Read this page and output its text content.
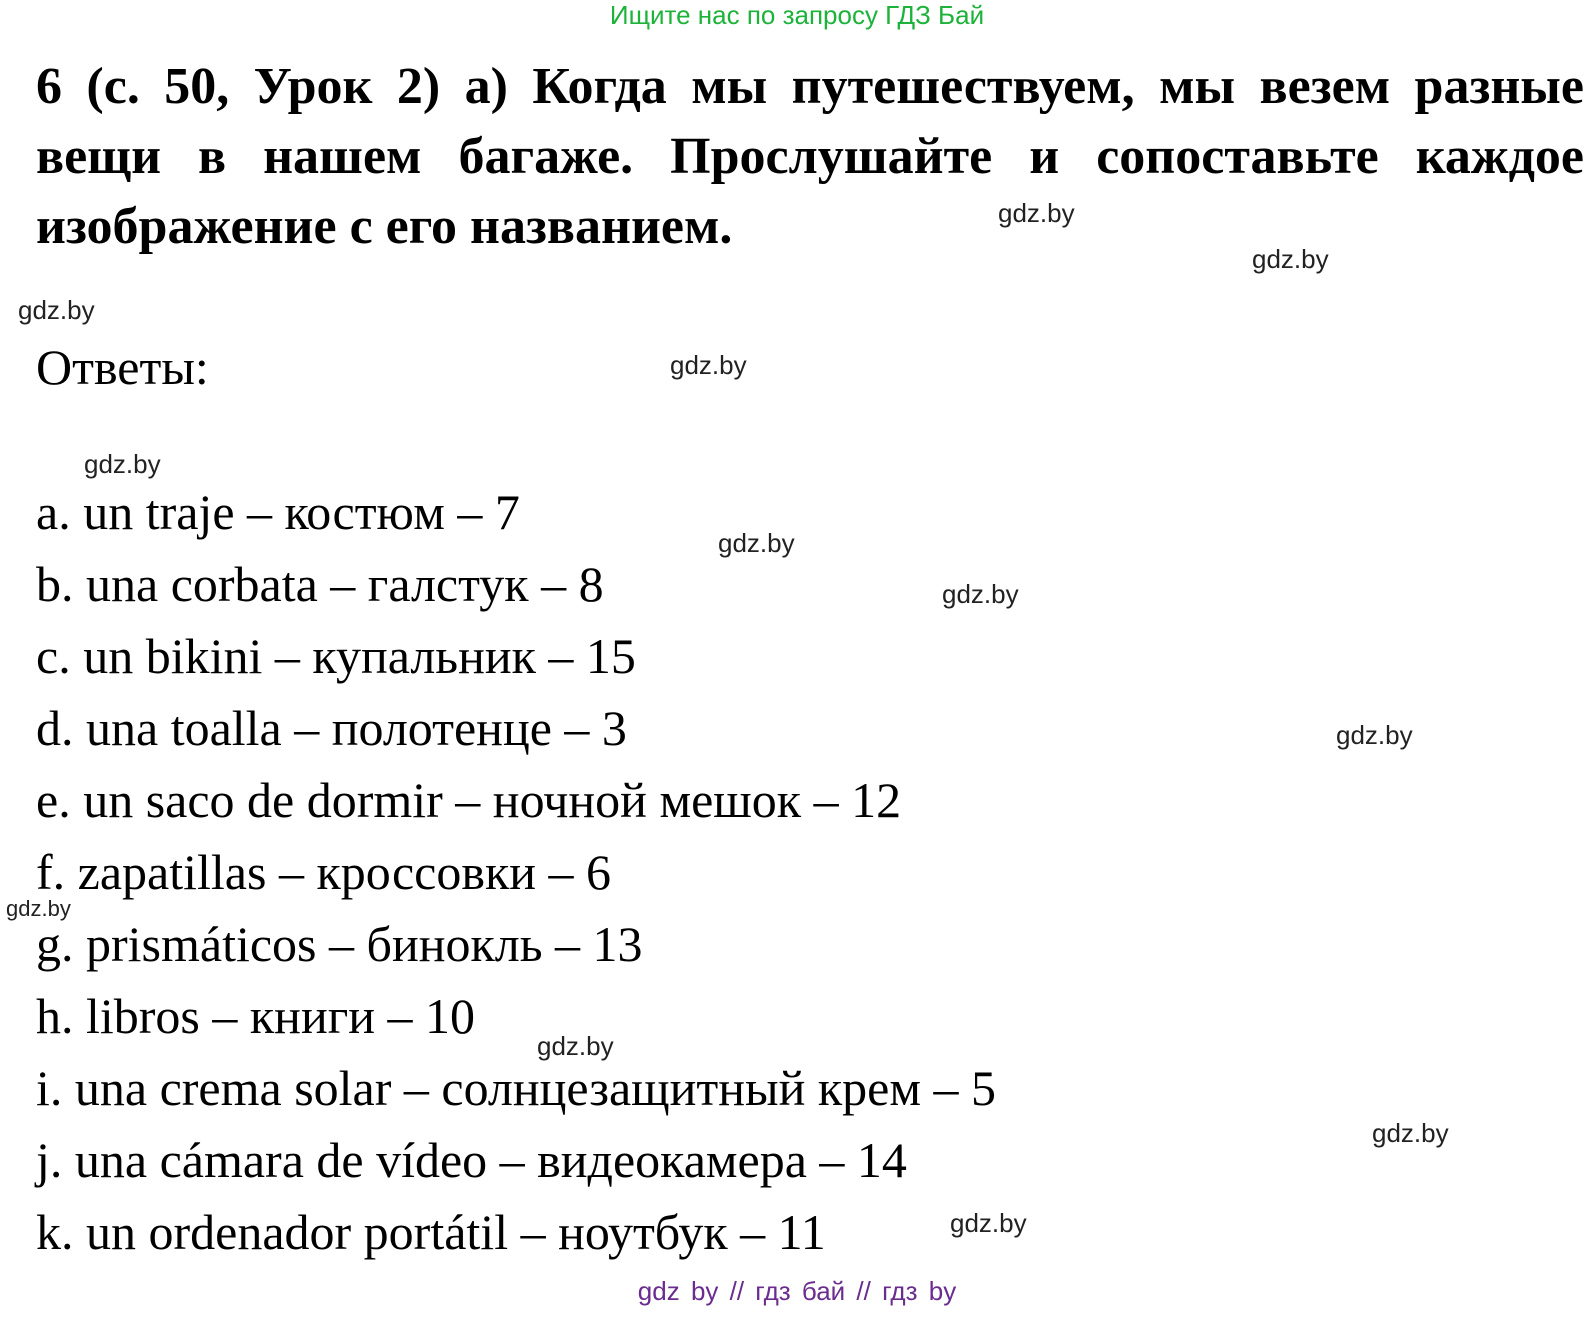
Ищите нас по запросу ГДЗ Бай
6 (с. 50, Урок 2) а) Когда мы путешествуем, мы везем разные вещи в нашем багаже. Прослушайте и сопоставьте каждое изображение с его названием.
Ответы:
a. un traje – костюм – 7
b. una corbata – галстук – 8
c. un bikini – купальник – 15
d. una toalla – полотенце – 3
e. un saco de dormir – ночной мешок – 12
f. zapatillas – кроссовки – 6
g. prismáticos – бинокль – 13
h. libros – книги – 10
i. una crema solar – солнцезащитный крем – 5
j. una cámara de vídeo – видеокамера – 14
k. un ordenador portátil – ноутбук – 11
gdz.by
gdz.by
gdz.by
gdz.by
gdz.by
gdz.by
gdz.by
gdz.by
gdz.by
gdz.by
gdz.by
gdz.by
gdz by // гдз бай // гдз by
